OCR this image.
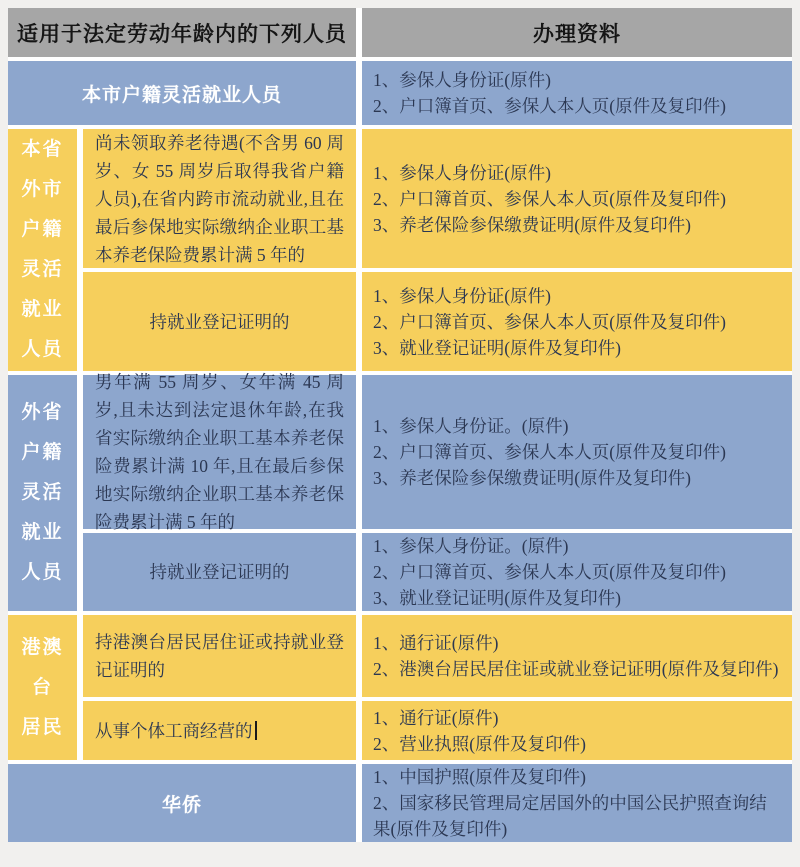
适用于法定劳动年龄内的下列人员	办理资料
本市户籍灵活就业人员
1、参保人身份证(原件)
2、户口簿首页、参保人本人页(原件及复印件)
本省
外市
户籍
灵活
就业
人员
尚未领取养老待遇(不含男 60 周岁、女 55 周岁后取得我省户籍人员),在省内跨市流动就业,且在最后参保地实际缴纳企业职工基本养老保险费累计满 5 年的
1、参保人身份证(原件)
2、户口簿首页、参保人本人页(原件及复印件)
3、养老保险参保缴费证明(原件及复印件)
持就业登记证明的
1、参保人身份证(原件)
2、户口簿首页、参保人本人页(原件及复印件)
3、就业登记证明(原件及复印件)
外省
户籍
灵活
就业
人员
男年满 55 周岁、女年满 45 周岁,且未达到法定退休年龄,在我省实际缴纳企业职工基本养老保险费累计满 10 年,且在最后参保地实际缴纳企业职工基本养老保险费累计满 5 年的
1、参保人身份证。(原件)
2、户口簿首页、参保人本人页(原件及复印件)
3、养老保险参保缴费证明(原件及复印件)
持就业登记证明的
1、参保人身份证。(原件)
2、户口簿首页、参保人本人页(原件及复印件)
3、就业登记证明(原件及复印件)
港澳
台
居民
持港澳台居民居住证或持就业登记证明的
1、通行证(原件)
2、港澳台居民居住证或就业登记证明(原件及复印件)
从事个体工商经营的
1、通行证(原件)
2、营业执照(原件及复印件)
华侨
1、中国护照(原件及复印件)
2、国家移民管理局定居国外的中国公民护照查询结果(原件及复印件)
